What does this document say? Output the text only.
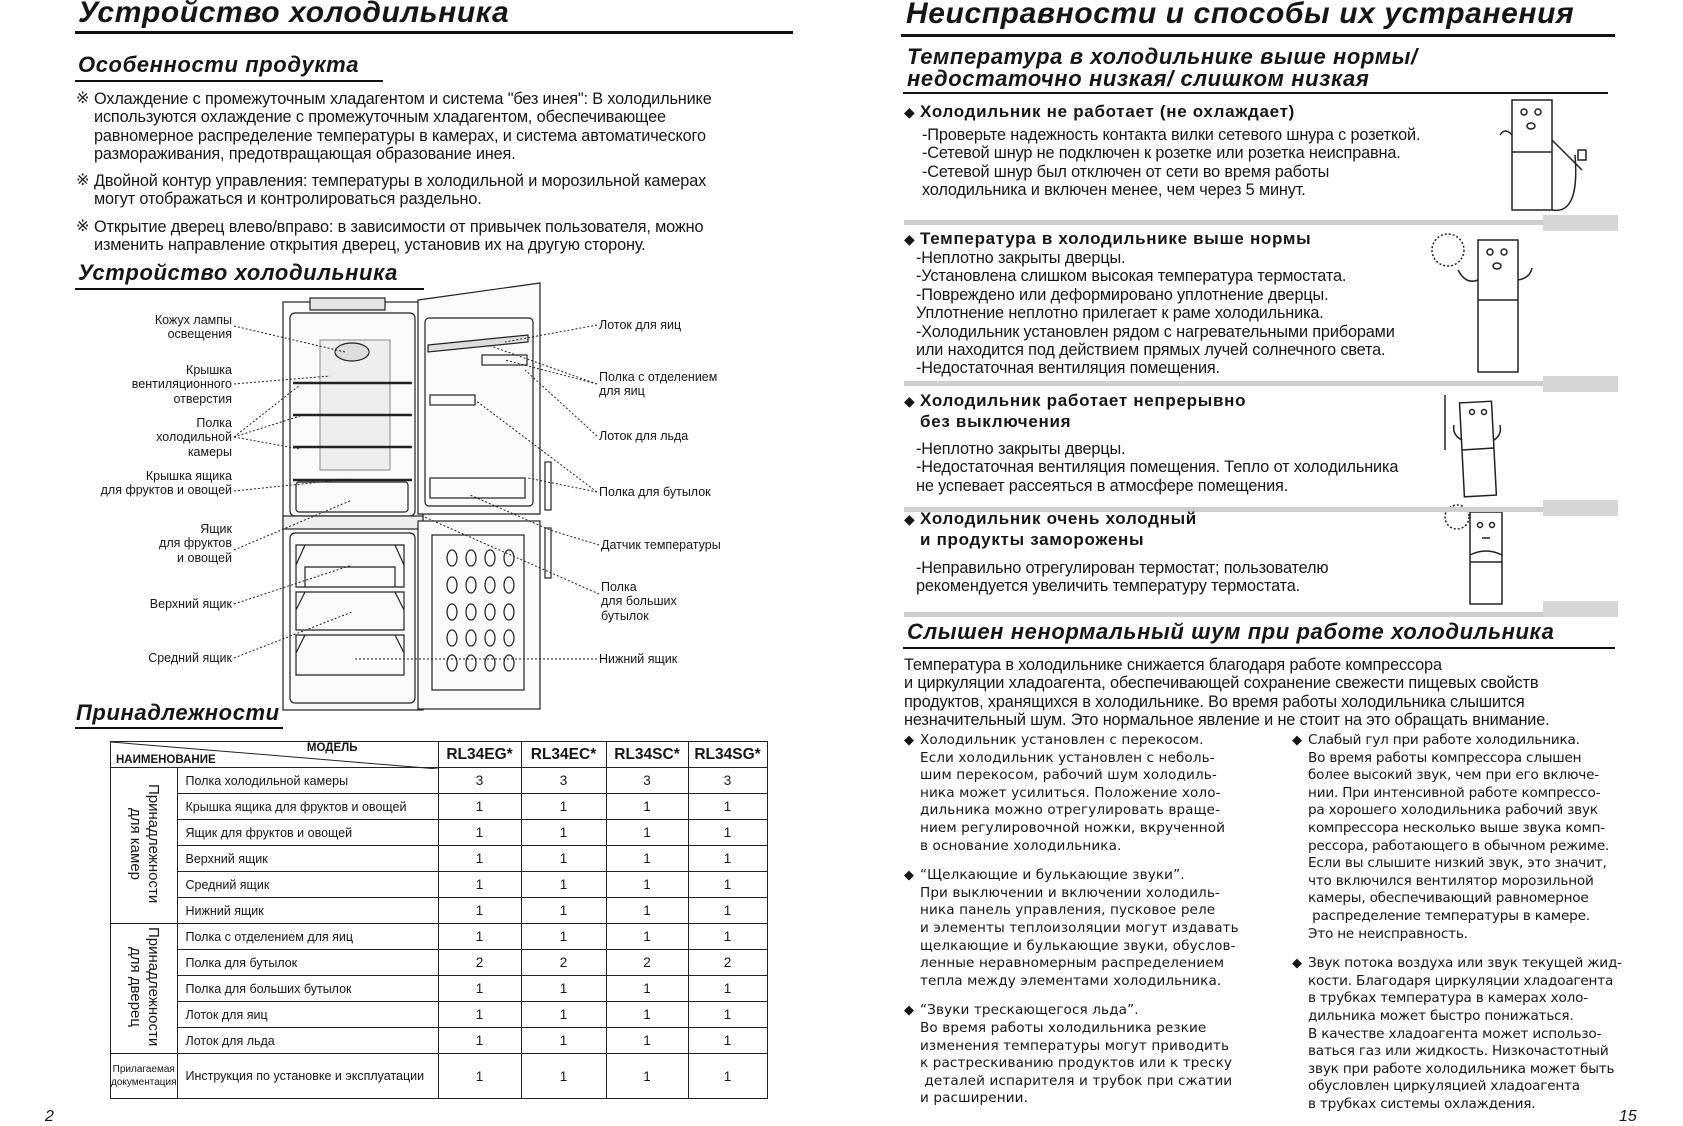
Устройство холодильника
Особенности продукта
※ Охлаждение с промежуточным хладагентом и система "без инея": В холодильнике
используются охлаждение с промежуточным хладагентом, обеспечивающее
равномерное распределение температуры в камерах, и система автоматического
размораживания, предотвращающая образование инея.
※ Двойной контур управления: температуры в холодильной и морозильной камерах
могут отображаться и контролироваться раздельно.
※ Открытие дверец влево/вправо: в зависимости от привычек пользователя, можно
изменить направление открытия дверец, установив их на другую сторону.
Устройство холодильника
Кожух лампы
освещения
Крышка
вентиляционного
отверстия
Полка
холодильной
камеры
Крышка ящика
для фруктов и овощей
Ящик
для фруктов
и овощей
Верхний ящик
Средний ящик
Лоток для яиц
Полка с отделением
для яиц
Лоток для льда
Полка для бутылок
Датчик температуры
Полка
для больших
бутылок
Нижний ящик
Принадлежности
МОДЕЛЬ
НАИМЕНОВАНИЕ		RL34EG*	RL34EC*	RL34SC*	RL34SG*

Принадлежности
для камер	Полка холодильной камеры	3	3	3	3
	Крышка ящика для фруктов и овощей	1	1	1	1
	Ящик для фруктов и овощей	1	1	1	1
	Верхний ящик	1	1	1	1
	Средний ящик	1	1	1	1
	Нижний ящик	1	1	1	1

Принадлежности
для дверец	Полка с отделением для яиц	1	1	1	1
	Полка для бутылок	2	2	2	2
	Полка для больших бутылок	1	1	1	1
	Лоток для яиц	1	1	1	1
	Лоток для льда	1	1	1	1

Прилагаемая
документация	Инструкция по установке и эксплуатации	1	1	1	1
2
Неисправности и способы их устранения
Температура в холодильнике выше нормы/
недостаточно низкая/ слишком низкая
◆ Холодильник не работает (не охлаждает)
-Проверьте надежность контакта вилки сетевого шнура с розеткой.
-Сетевой шнур не подключен к розетке или розетка неисправна.
-Сетевой шнур был отключен от сети во время работы
холодильника и включен менее, чем через 5 минут.
◆ Температура в холодильнике выше нормы
-Неплотно закрыты дверцы.
-Установлена слишком высокая температура термостата.
-Повреждено или деформировано уплотнение дверцы.
Уплотнение неплотно прилегает к раме холодильника.
-Холодильник установлен рядом с нагревательными приборами
или находится под действием прямых лучей солнечного света.
-Недостаточная вентиляция помещения.
◆ Холодильник работает непрерывно
без выключения
-Неплотно закрыты дверцы.
-Недостаточная вентиляция помещения. Тепло от холодильника
не успевает рассеяться в атмосфере помещения.
◆ Холодильник очень холодный
и продукты заморожены
-Неправильно отрегулирован термостат; пользователю
рекомендуется увеличить температуру термостата.
Слышен ненормальный шум при работе холодильника
Температура в холодильнике снижается благодаря работе компрессора
и циркуляции хладоагента, обеспечивающей сохранение свежести пищевых свойств
продуктов, хранящихся в холодильнике. Во время работы холодильника слышится
незначительный шум. Это нормальное явление и не стоит на это обращать внимание.
◆ Холодильник установлен с перекосом.
Если холодильник установлен с неболь-
шим перекосом, рабочий шум холодиль-
ника может усилиться. Положение холо-
дильника можно отрегулировать враще-
нием регулировочной ножки, вкрученной
в основание холодильника.
◆ “Щелкающие и булькающие звуки”.
При выключении и включении холодиль-
ника панель управления, пусковое реле
и элементы теплоизоляции могут издавать
щелкающие и булькающие звуки, обуслов-
ленные неравномерным распределением
тепла между элементами холодильника.
◆ “Звуки трескающегося льда”.
Во время работы холодильника резкие
изменения температуры могут приводить
к растрескиванию продуктов или к треску
деталей испарителя и трубок при сжатии
и расширении.
◆ Слабый гул при работе холодильника.
Во время работы компрессора слышен
более высокий звук, чем при его включе-
нии. При интенсивной работе компрессо-
ра хорошего холодильника рабочий звук
компрессора несколько выше звука комп-
рессора, работающего в обычном режиме.
Если вы слышите низкий звук, это значит,
что включился вентилятор морозильной
камеры, обеспечивающий равномерное
распределение температуры в камере.
Это не неисправность.
◆ Звук потока воздуха или звук текущей жид-
кости. Благодаря циркуляции хладоагента
в трубках температура в камерах холо-
дильника может быстро понижаться.
В качестве хладоагента может использо-
ваться газ или жидкость. Низкочастотный
звук при работе холодильника может быть
обусловлен циркуляцией хладоагента
в трубках системы охлаждения.
15
